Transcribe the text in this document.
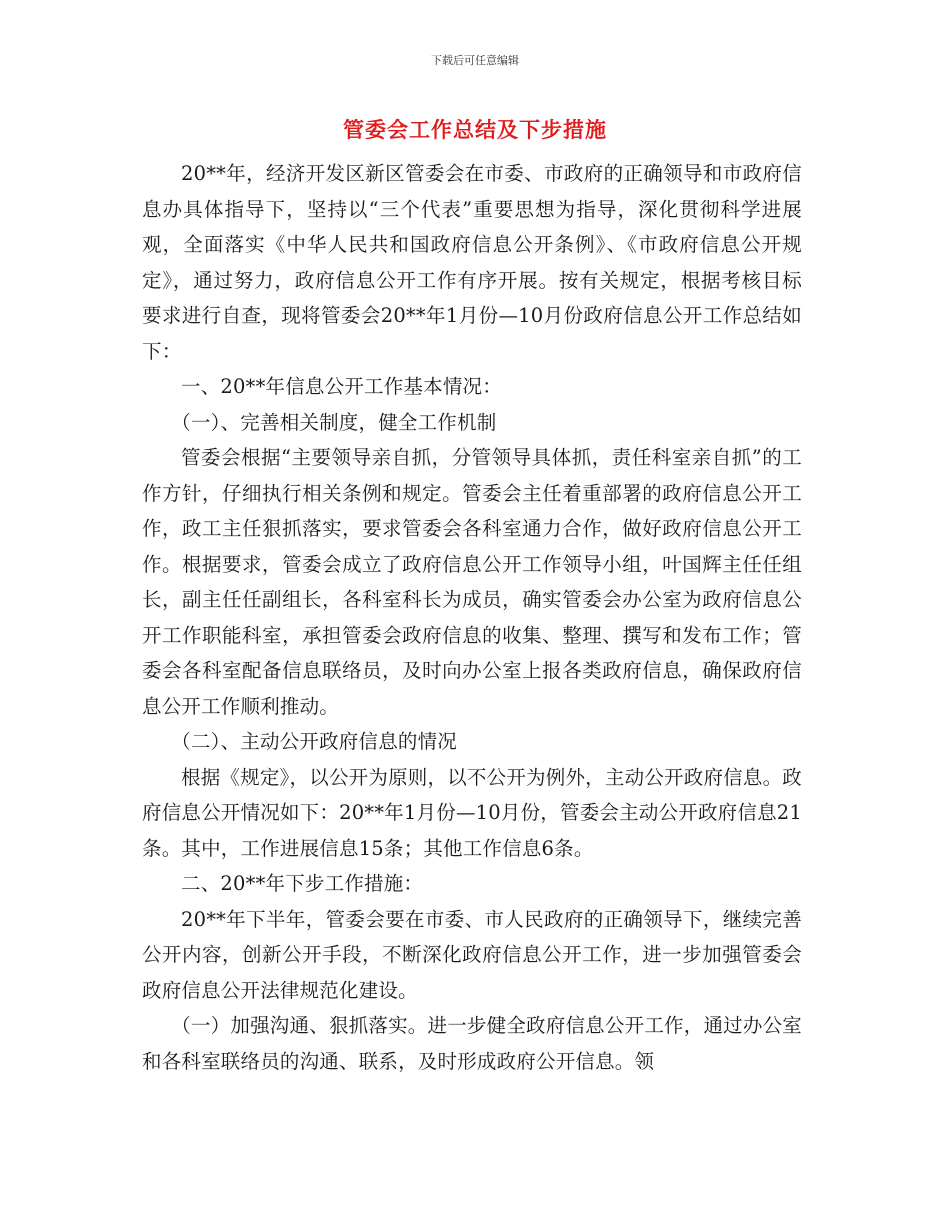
下载后可任意编辑
管委会工作总结及下步措施

20**年，经济开发区新区管委会在市委、市政府的正确领导和市政府信息办具体指导下，坚持以“三个代表”重要思想为指导，深化贯彻科学进展观，全面落实《中华人民共和国政府信息公开条例》、《市政府信息公开规定》，通过努力，政府信息公开工作有序开展。按有关规定，根据考核目标要求进行自查，现将管委会20**年1月份—10月份政府信息公开工作总结如下：

一、20**年信息公开工作基本情况：

（一）、完善相关制度，健全工作机制

管委会根据“主要领导亲自抓，分管领导具体抓，责任科室亲自抓”的工作方针，仔细执行相关条例和规定。管委会主任着重部署的政府信息公开工作，政工主任狠抓落实，要求管委会各科室通力合作，做好政府信息公开工作。根据要求，管委会成立了政府信息公开工作领导小组，叶国辉主任任组长，副主任任副组长，各科室科长为成员，确实管委会办公室为政府信息公开工作职能科室，承担管委会政府信息的收集、整理、撰写和发布工作；管委会各科室配备信息联络员，及时向办公室上报各类政府信息，确保政府信息公开工作顺利推动。

（二）、主动公开政府信息的情况

根据《规定》，以公开为原则，以不公开为例外，主动公开政府信息。政府信息公开情况如下：20**年1月份—10月份，管委会主动公开政府信息21条。其中，工作进展信息15条；其他工作信息6条。

二、20**年下步工作措施：

20**年下半年，管委会要在市委、市人民政府的正确领导下，继续完善公开内容，创新公开手段，不断深化政府信息公开工作，进一步加强管委会政府信息公开法律规范化建设。

（一）加强沟通、狠抓落实。进一步健全政府信息公开工作，通过办公室和各科室联络员的沟通、联系，及时形成政府公开信息。领
